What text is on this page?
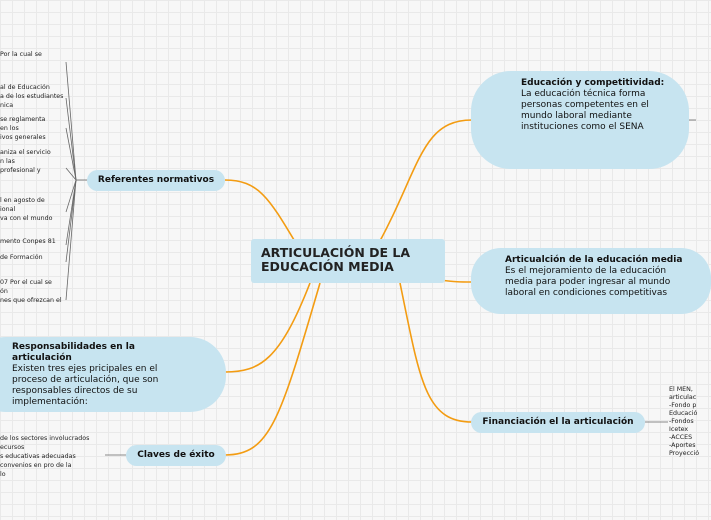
ARTICULACIÓN DE LA EDUCACIÓN MEDIA
Educación y competitividad:
La educación técnica forma personas competentes en el mundo laboral mediante instituciones como el SENA
Articualción de la educación media
Es el mejoramiento de la educación media para poder ingresar al mundo laboral en condiciones competitivas
Financiación el la articulación
El MEN,
articulac
-Fondo p
Educació
-Fondos
Icetex
-ACCES
-Aportes
Proyecció
Referentes normativos
Por la cual se
al de Educación
a de los estudiantes
nica
se reglamenta
en los
ivos generales
aniza el servicio
n las
profesional y
l en agosto de
ional
va con el mundo
mento Conpes 81
de Formación
07 Por el cual se
ón
nes que ofrezcan el
Responsabilidades en la articulación
Existen tres ejes pricipales en el proceso de articulación, que son responsables directos de su implementación:
Claves de éxito
de los sectores involucrados
ecursos
s educativas adecuadas
convenios en pro de la
lo
